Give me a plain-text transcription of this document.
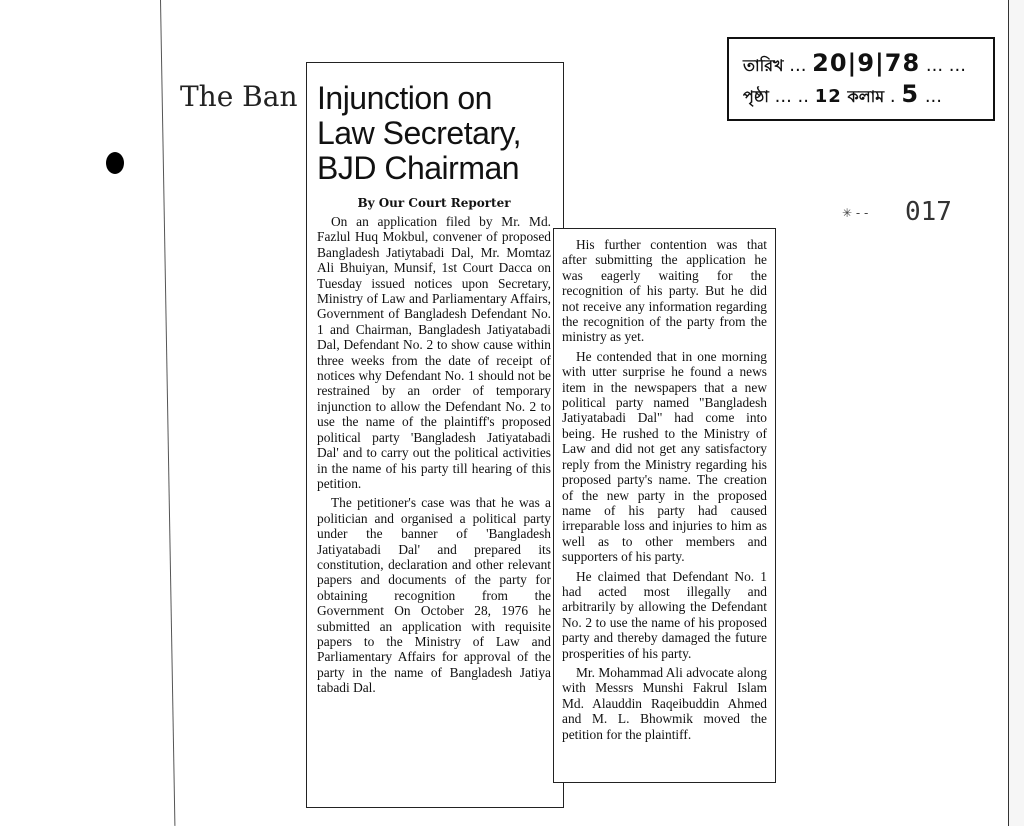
The Ban
তারিখ ... 20|9|78 ... ...
পৃষ্ঠা ... .. 12 কলাম . 5 ...
✳ - - 017
Injunction on
Law Secretary,
BJD Chairman
By Our Court Reporter

On an application filed by Mr. Md. Fazlul Huq Mokbul, convener of proposed Bangladesh Jatiytabadi Dal, Mr. Momtaz Ali Bhuiyan, Munsif, 1st Court Dacca on Tuesday issued notices upon Secretary, Ministry of Law and Parliamentary Affairs, Government of Bangladesh Defendant No. 1 and Chairman, Bangladesh Jatiyatabadi Dal, Defendant No. 2 to show cause within three weeks from the date of receipt of notices why Defendant No. 1 should not be restrained by an order of temporary injunction to allow the Defendant No. 2 to use the name of the plaintiff's proposed political party 'Bangladesh Jatiyatabadi Dal' and to carry out the political activities in the name of his party till hearing of this petition.

The petitioner's case was that he was a politician and organised a political party under the banner of 'Bangladesh Jatiyatabadi Dal' and prepared its constitution, declaration and other relevant papers and documents of the party for obtaining recognition from the Government On October 28, 1976 he submitted an application with requisite papers to the Ministry of Law and Parliamentary Affairs for approval of the party in the name of Bangladesh Jatiya tabadi Dal.

His further contention was that after submitting the application he was eagerly waiting for the recognition of his party. But he did not receive any information regarding the recognition of the party from the ministry as yet.

He contended that in one morning with utter surprise he found a news item in the newspapers that a new political party named "Bangladesh Jatiyatabadi Dal" had come into being. He rushed to the Ministry of Law and did not get any satisfactory reply from the Ministry regarding his proposed party's name. The creation of the new party in the proposed name of his party had caused irreparable loss and injuries to him as well as to other members and supporters of his party.

He claimed that Defendant No. 1 had acted most illegally and arbitrarily by allowing the Defendant No. 2 to use the name of his proposed party and thereby damaged the future prosperities of his party.

Mr. Mohammad Ali advocate along with Messrs Munshi Fakrul Islam Md. Alauddin Raqeibuddin Ahmed and M. L. Bhowmik moved the petition for the plaintiff.
